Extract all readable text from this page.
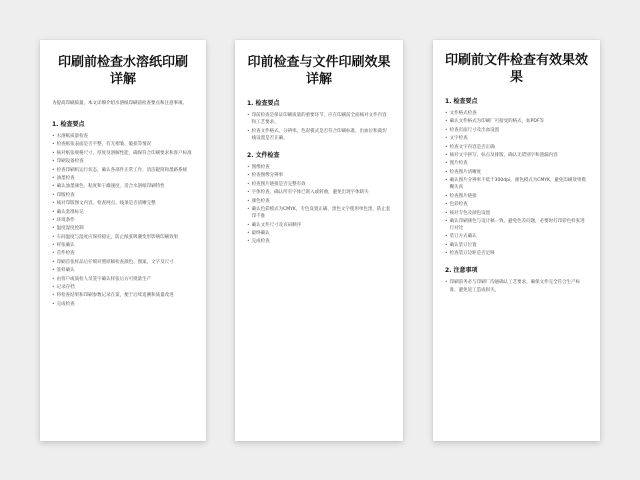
印刷前检查水溶纸印刷详解
为提高印刷质量，本文详细介绍水溶纸印刷前检查要点和注意事项。
1. 检查要点
• 水溶纸质量检查
• 检查纸张表面是否平整，有无褶皱、破损等情况
• 核对纸张规格尺寸、厚度及溶解性能，确保符合印刷要求和客户标准
• 印刷设备检查
• 检查印刷机运行状态，确认各部件正常工作，清洁辊筒和墨路系统
• 油墨检查
• 确认油墨颜色、粘度和干燥速度，适合水溶纸印刷特性
• 印版检查
• 核对印版图文内容，检查网点、线条是否清晰完整
• 确认套准标记
• 环境条件
• 温度湿度控制
• 车间温度与湿度应保持稳定，防止纸张吸潮变形影响印刷效果
• 样张确认
• 首件检查
• 印刷首张样品后仔细对照原稿检查颜色、图案、文字及尺寸
• 签样确认
• 由客户或质检人员签字确认样张后方可批量生产
• 记录存档
• 将检查结果和印刷参数记录在案，便于后续追溯和质量改进
• 完成检查
印前检查与文件印刷效果详解
1. 检查要点
• 印前检查是保证印刷质量的重要环节，应在印刷前全面核对文件内容和工艺要求。
• 检查文件格式、分辨率、色彩模式是否符合印刷标准，出血位和裁切线设置是否正确。
2. 文件检查
• 图像检查
• 检查图像分辨率
• 检查图片链接是否完整有效
• 字体检查，确认所有字体已嵌入或转曲，避免出现字体缺失
• 颜色检查
• 确认色彩模式为CMYK，专色设置正确，黑色文字使用单色黑，防止套印不准
• 确认文件尺寸及页码顺序
• 最终确认
• 完成检查
印刷前文件检查有效果效果
1. 检查要点
• 文件格式检查
• 确认文件格式为印刷厂可接受的格式，如PDF等
• 检查页面尺寸及出血设置
• 文字检查
• 检查文字内容是否正确
• 核对文字拼写、标点及排版，确认无错别字和遗漏内容
• 图片检查
• 检查图片清晰度
• 确认图片分辨率不低于300dpi，颜色模式为CMYK，避免印刷效果模糊失真
• 检查图片链接
• 色彩检查
• 核对专色及颜色设置
• 确认印刷颜色与设计稿一致，避免色差问题，必要时打印彩色样张进行对比
• 装订方式确认
• 确认装订位置
• 检查装订边距是否足够
2. 注意事项
• 印刷前务必与印刷厂沟通确认工艺要求，确保文件完全符合生产标准，避免返工造成损失。
